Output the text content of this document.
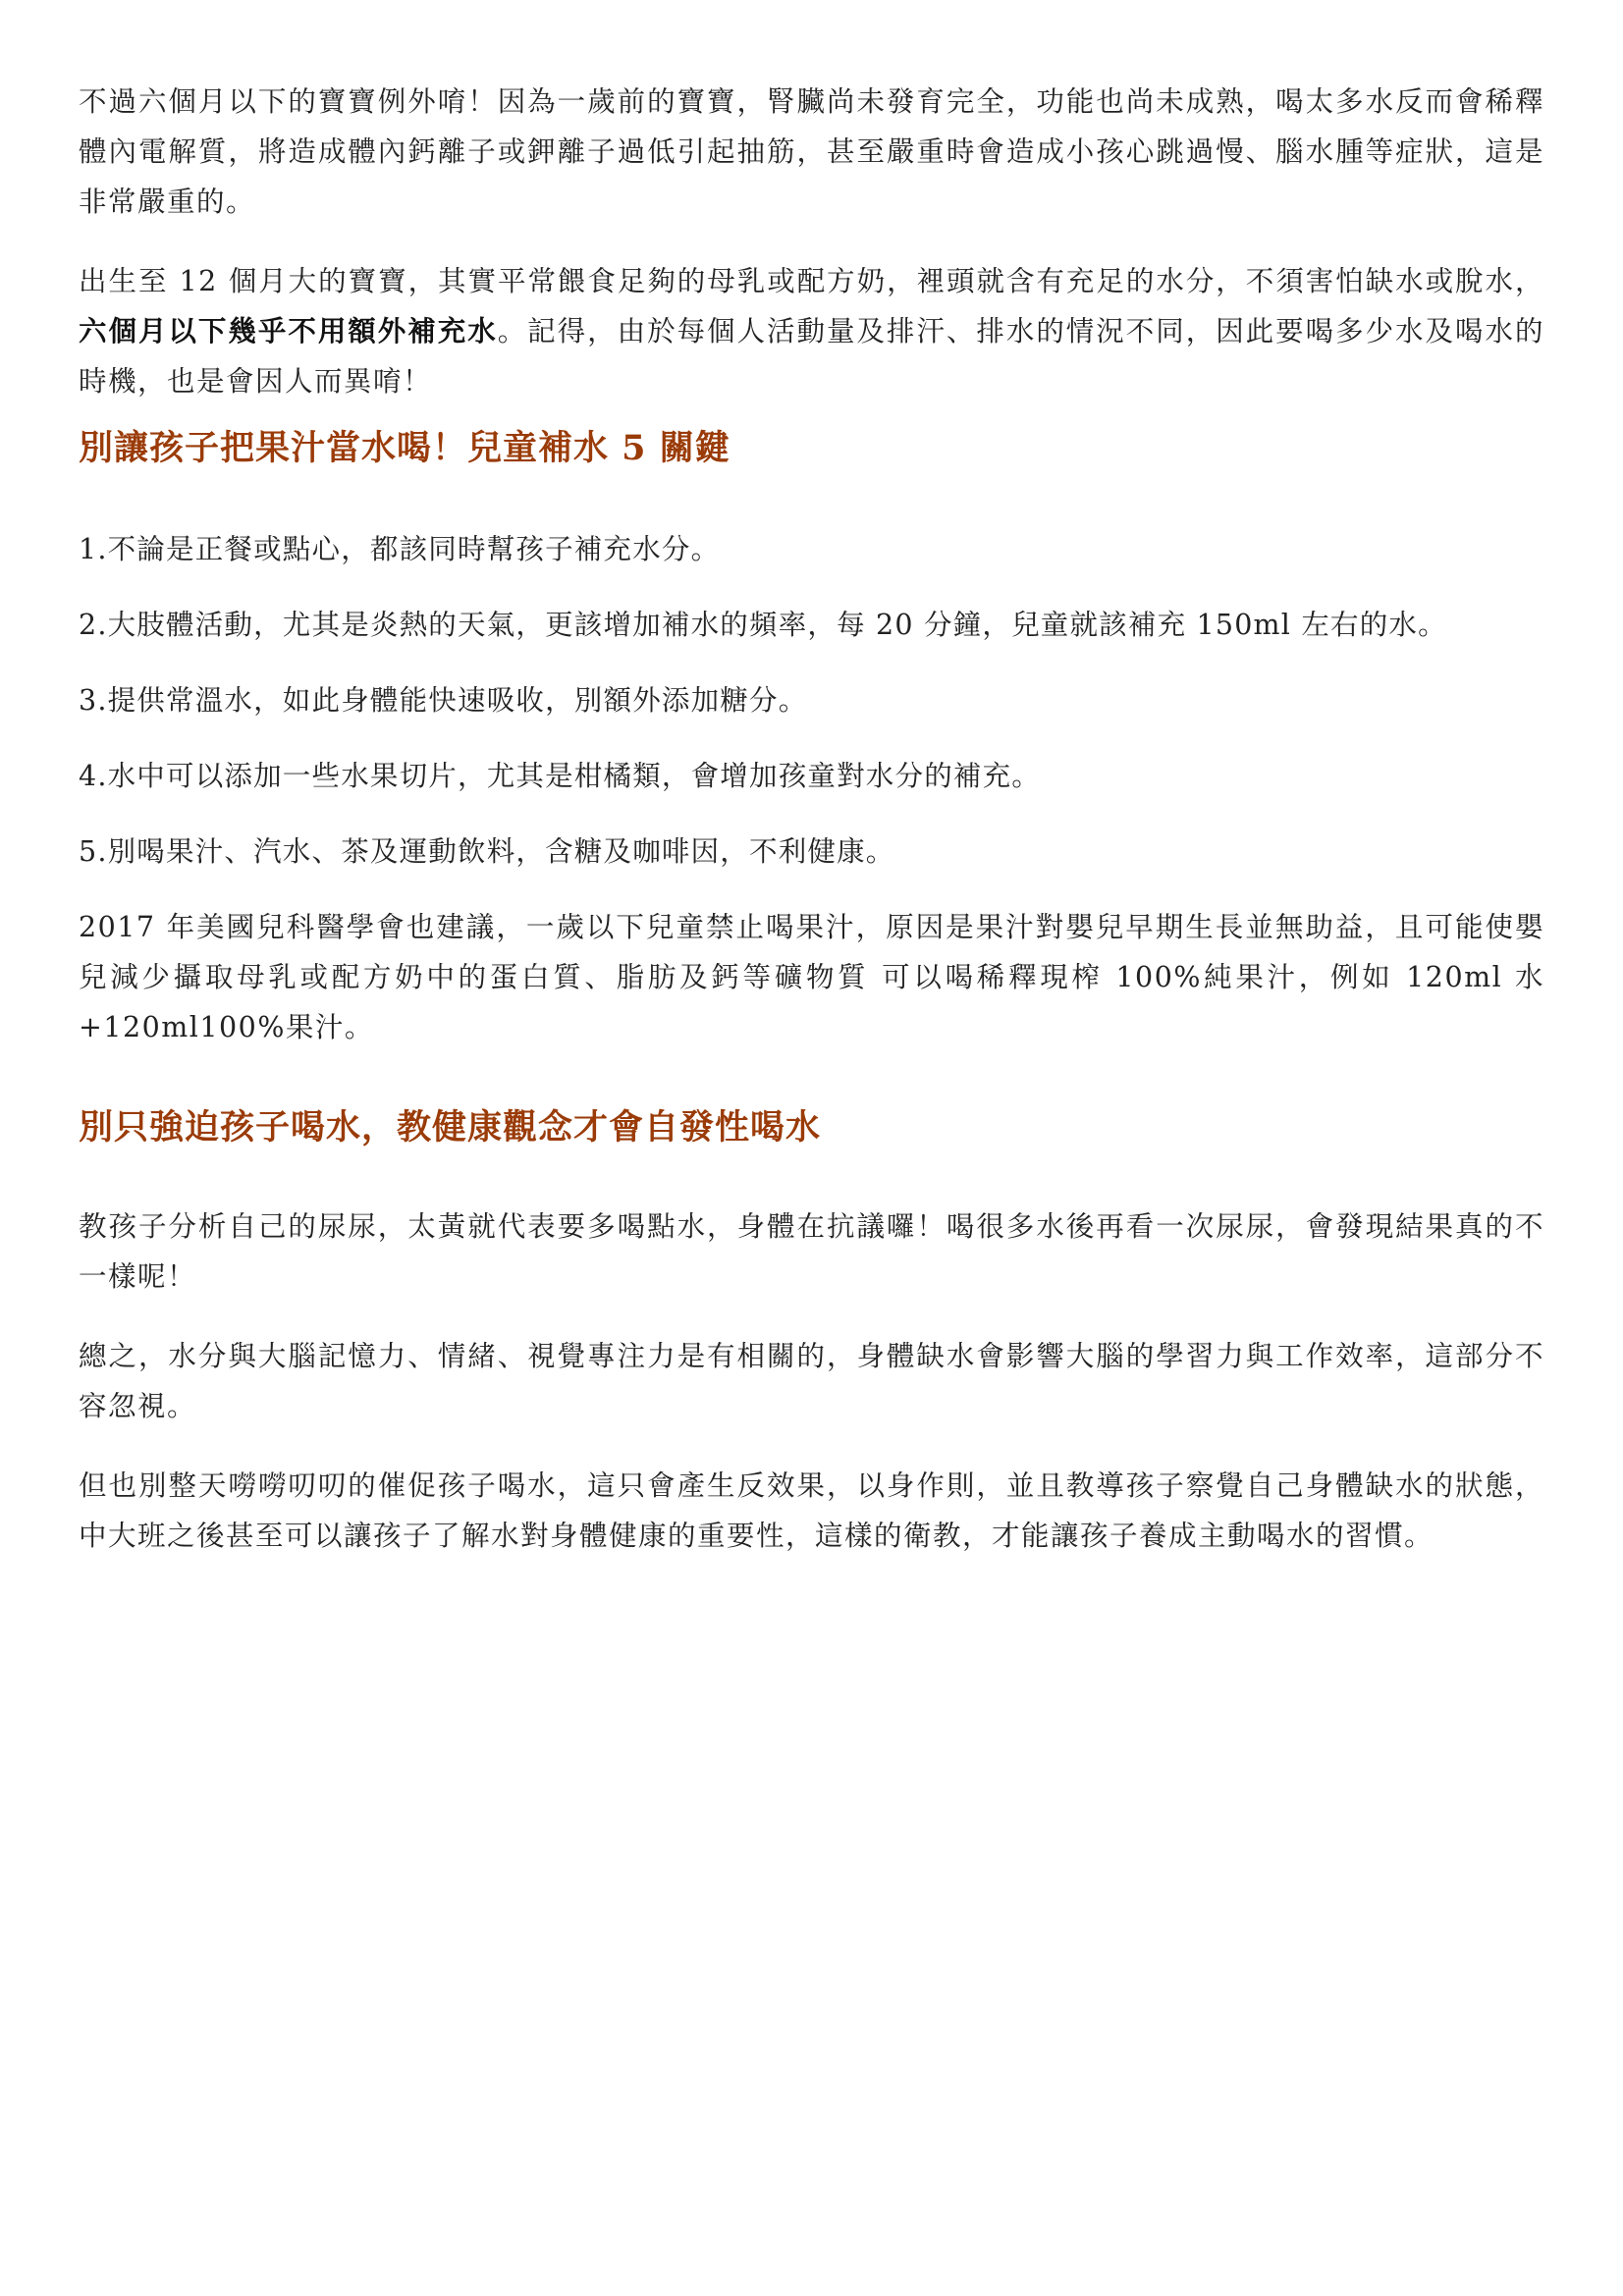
不過六個月以下的寶寶例外唷！因為一歲前的寶寶，腎臟尚未發育完全，功能也尚未成熟，喝太多水反而會稀釋體內電解質，將造成體內鈣離子或鉀離子過低引起抽筋，甚至嚴重時會造成小孩心跳過慢、腦水腫等症狀，這是非常嚴重的。

出生至 12 個月大的寶寶，其實平常餵食足夠的母乳或配方奶，裡頭就含有充足的水分，不須害怕缺水或脫水，六個月以下幾乎不用額外補充水。記得，由於每個人活動量及排汗、排水的情況不同，因此要喝多少水及喝水的時機，也是會因人而異唷！

別讓孩子把果汁當水喝！兒童補水 5 關鍵

1.不論是正餐或點心，都該同時幫孩子補充水分。

2.大肢體活動，尤其是炎熱的天氣，更該增加補水的頻率，每 20 分鐘，兒童就該補充 150ml 左右的水。

3.提供常溫水，如此身體能快速吸收，別額外添加糖分。

4.水中可以添加一些水果切片，尤其是柑橘類，會增加孩童對水分的補充。

5.別喝果汁、汽水、茶及運動飲料，含糖及咖啡因，不利健康。

2017 年美國兒科醫學會也建議，一歲以下兒童禁止喝果汁，原因是果汁對嬰兒早期生長並無助益，且可能使嬰兒減少攝取母乳或配方奶中的蛋白質、脂肪及鈣等礦物質 可以喝稀釋現榨 100%純果汁，例如 120ml 水+120ml100%果汁。

別只強迫孩子喝水，教健康觀念才會自發性喝水

教孩子分析自己的尿尿，太黃就代表要多喝點水，身體在抗議囉！喝很多水後再看一次尿尿，會發現結果真的不一樣呢！

總之，水分與大腦記憶力、情緒、視覺專注力是有相關的，身體缺水會影響大腦的學習力與工作效率，這部分不容忽視。

但也別整天嘮嘮叨叨的催促孩子喝水，這只會產生反效果，以身作則，並且教導孩子察覺自己身體缺水的狀態，中大班之後甚至可以讓孩子了解水對身體健康的重要性，這樣的衛教，才能讓孩子養成主動喝水的習慣。
